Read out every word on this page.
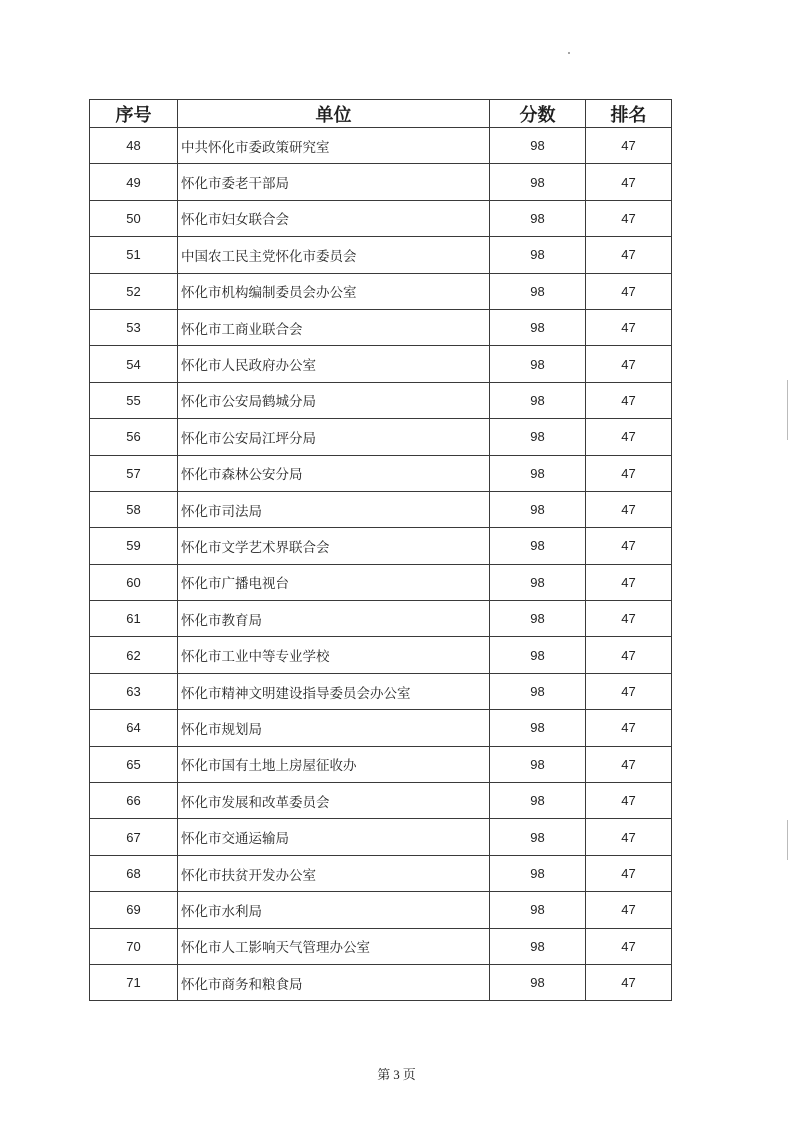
序号	单位	分数	排名
48	中共怀化市委政策研究室	98	47
49	怀化市委老干部局	98	47
50	怀化市妇女联合会	98	47
51	中国农工民主党怀化市委员会	98	47
52	怀化市机构编制委员会办公室	98	47
53	怀化市工商业联合会	98	47
54	怀化市人民政府办公室	98	47
55	怀化市公安局鹤城分局	98	47
56	怀化市公安局江坪分局	98	47
57	怀化市森林公安分局	98	47
58	怀化市司法局	98	47
59	怀化市文学艺术界联合会	98	47
60	怀化市广播电视台	98	47
61	怀化市教育局	98	47
62	怀化市工业中等专业学校	98	47
63	怀化市精神文明建设指导委员会办公室	98	47
64	怀化市规划局	98	47
65	怀化市国有土地上房屋征收办	98	47
66	怀化市发展和改革委员会	98	47
67	怀化市交通运输局	98	47
68	怀化市扶贫开发办公室	98	47
69	怀化市水利局	98	47
70	怀化市人工影响天气管理办公室	98	47
71	怀化市商务和粮食局	98	47
第 3 页
